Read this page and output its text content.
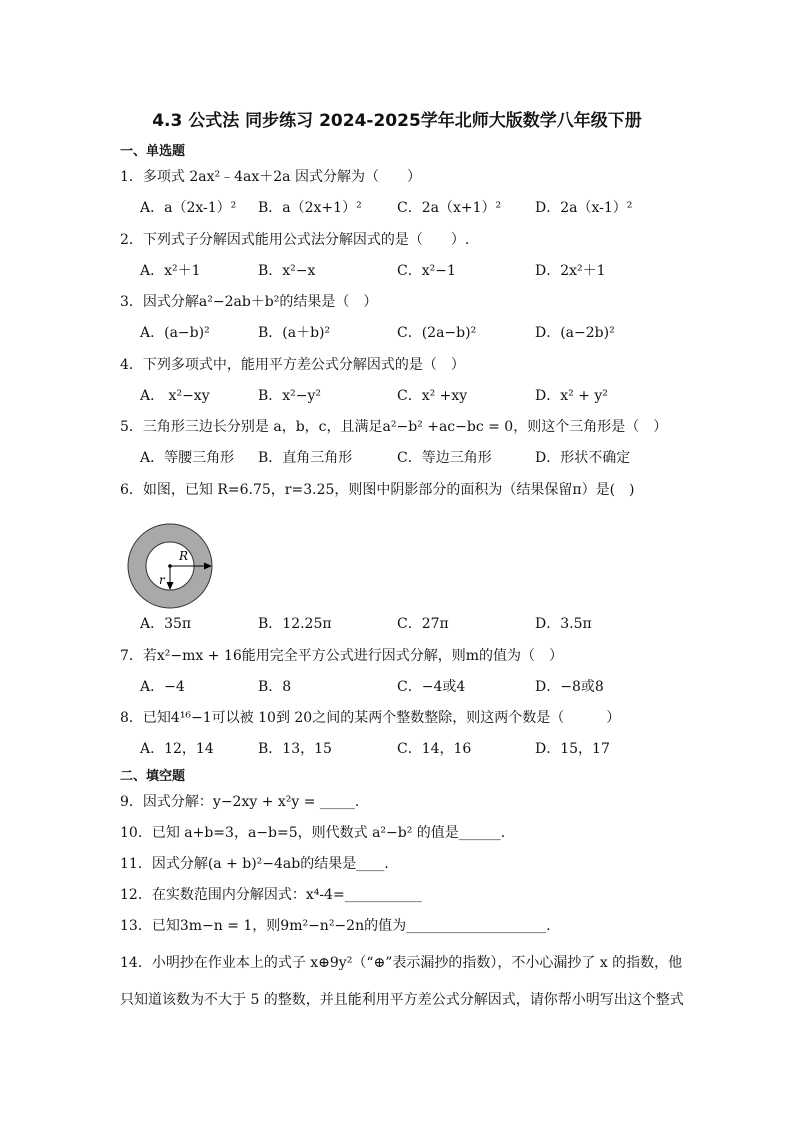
4.3 公式法 同步练习 2024-2025学年北师大版数学八年级下册
一、单选题
1．多项式 2ax²﹣4ax＋2a 因式分解为（　　）
A．a（2x-1）² B．a（2x+1）²	C．2a（x+1）² D．2a（x-1）²
2．下列式子分解因式能用公式法分解因式的是（　　）.
A．x²＋1	B．x²−x	C．x²−1	D．2x²＋1
3．因式分解a²−2ab＋b²的结果是（　）
A．(a−b)²	B．(a＋b)²	C．(2a−b)²	D．(a−2b)²
4．下列多项式中，能用平方差公式分解因式的是（　）
A． x²−xy	B．x²−y²	C．x² +xy	D．x² + y²
5．三角形三边长分别是 a，b，c，且满足a²−b² +ac−bc = 0，则这个三角形是（　）
A．等腰三角形 B．直角三角形	C．等边三角形	D．形状不确定
6．如图，已知 R=6.75，r=3.25，则图中阴影部分的面积为（结果保留π）是(　)
R
r
A．35π	B．12.25π	C．27π	D．3.5π
7．若x²−mx + 16能用完全平方公式进行因式分解，则m的值为（　）
A．−4	B．8	C．−4或4	D．−8或8
8．已知4¹⁶−1可以被 10到 20之间的某两个整数整除，则这两个数是（　　　）
A．12，14	B．13，15	C．14，16	D．15，17
二、填空题
9．因式分解：y−2xy + x²y = _____.
10．已知 a+b=3，a−b=5，则代数式 a²−b² 的值是______.
11．因式分解(a + b)²−4ab的结果是____.
12．在实数范围内分解因式：x⁴-4=___________
13．已知3m−n = 1，则9m²−n²−2n的值为____________________.
14．小明抄在作业本上的式子 x⊕9y²（“⊕”表示漏抄的指数），不小心漏抄了 x 的指数，他
只知道该数为不大于 5 的整数，并且能利用平方差公式分解因式，请你帮小明写出这个整式
